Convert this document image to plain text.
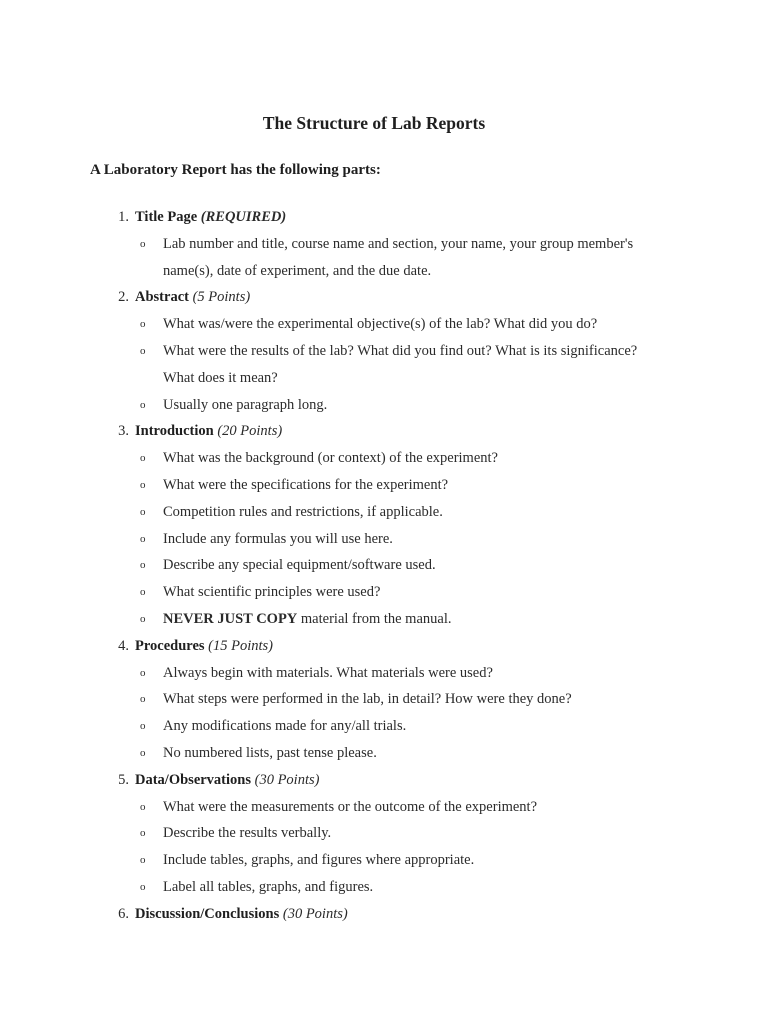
The Structure of Lab Reports
A Laboratory Report has the following parts:
1. Title Page (REQUIRED)
o Lab number and title, course name and section, your name, your group member's
name(s), date of experiment, and the due date.
2. Abstract (5 Points)
o What was/were the experimental objective(s) of the lab? What did you do?
o What were the results of the lab? What did you find out? What is its significance?
What does it mean?
o Usually one paragraph long.
3. Introduction (20 Points)
o What was the background (or context) of the experiment?
o What were the specifications for the experiment?
o Competition rules and restrictions, if applicable.
o Include any formulas you will use here.
o Describe any special equipment/software used.
o What scientific principles were used?
o NEVER JUST COPY material from the manual.
4. Procedures (15 Points)
o Always begin with materials. What materials were used?
o What steps were performed in the lab, in detail? How were they done?
o Any modifications made for any/all trials.
o No numbered lists, past tense please.
5. Data/Observations (30 Points)
o What were the measurements or the outcome of the experiment?
o Describe the results verbally.
o Include tables, graphs, and figures where appropriate.
o Label all tables, graphs, and figures.
6. Discussion/Conclusions (30 Points)
